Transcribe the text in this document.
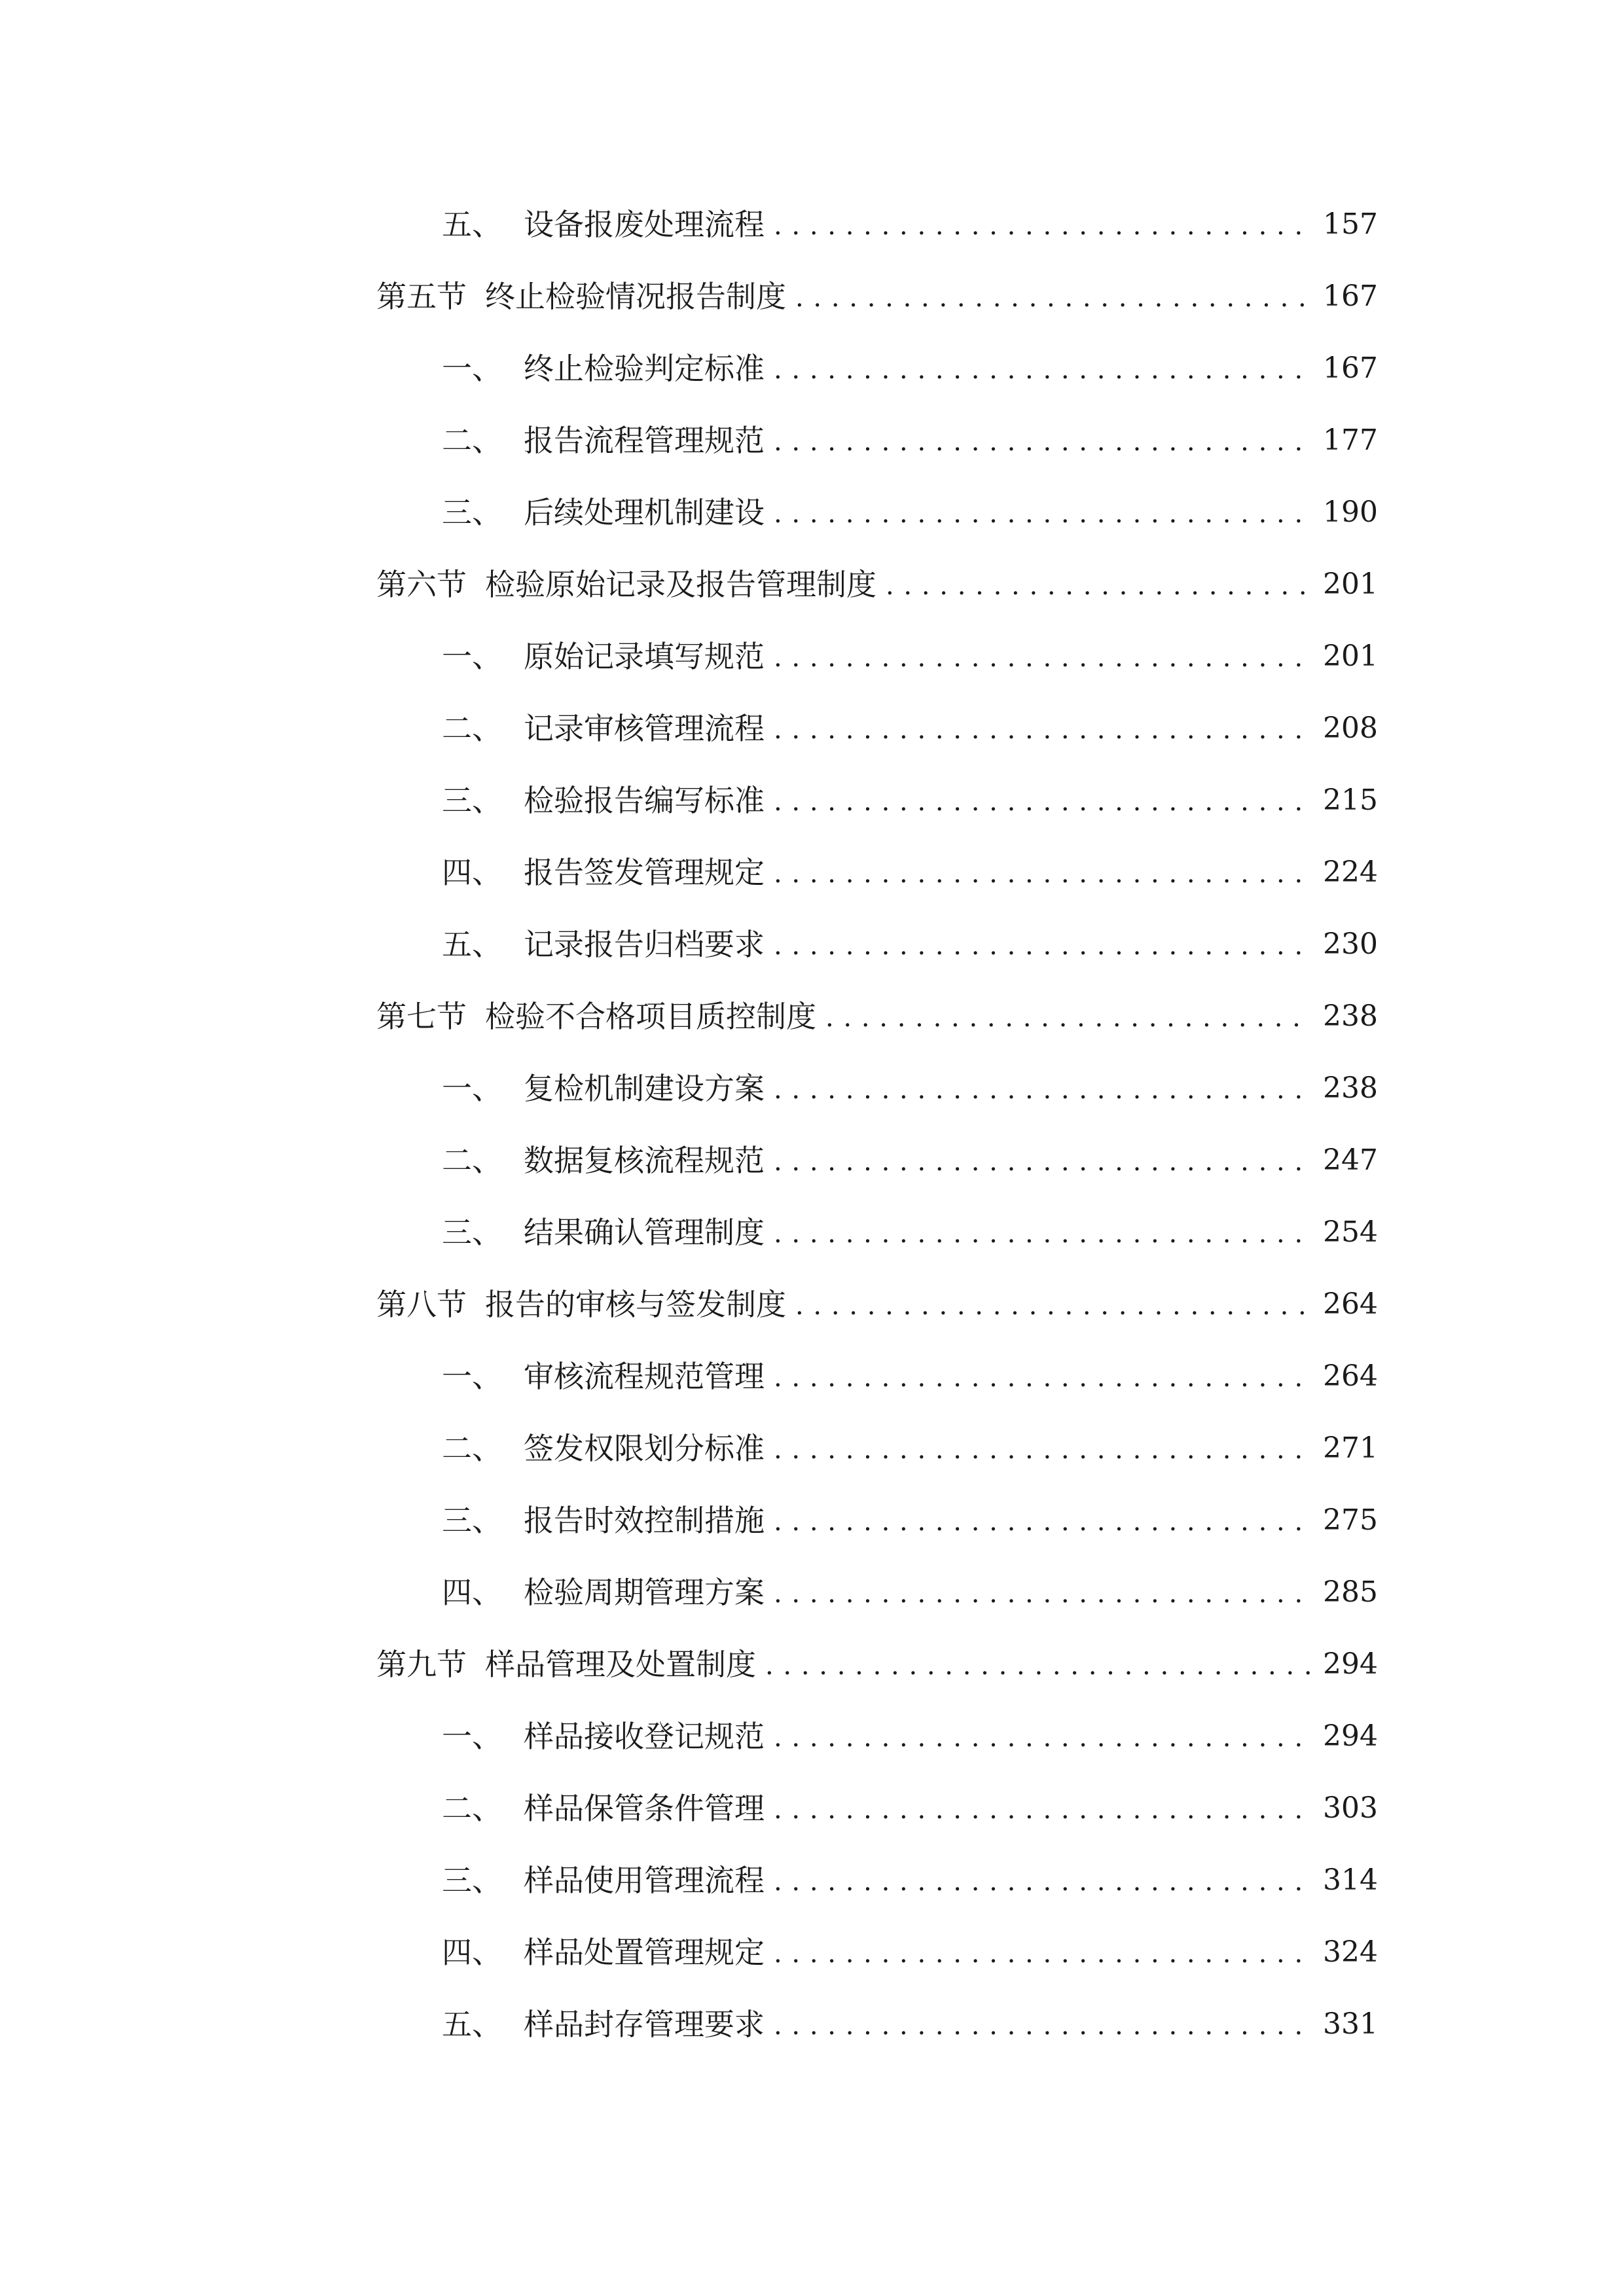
五、 设备报废处理流程 . . .	157
第五节 终止检验情况报告制度 . . .	167
一、 终止检验判定标准 . . .	167
二、 报告流程管理规范 . . .	177
三、 后续处理机制建设 . . .	190
第六节 检验原始记录及报告管理制度 . . .	201
一、 原始记录填写规范 . . .	201
二、 记录审核管理流程 . . .	208
三、 检验报告编写标准 . . .	215
四、 报告签发管理规定 . . .	224
五、 记录报告归档要求 . . .	230
第七节 检验不合格项目质控制度 . . .	238
一、 复检机制建设方案 . . .	238
二、 数据复核流程规范 . . .	247
三、 结果确认管理制度 . . .	254
第八节 报告的审核与签发制度 . . .	264
一、 审核流程规范管理 . . .	264
二、 签发权限划分标准 . . .	271
三、 报告时效控制措施 . . .	275
四、 检验周期管理方案 . . .	285
第九节 样品管理及处置制度 . . .	294
一、 样品接收登记规范 . . .	294
二、 样品保管条件管理 . . .	303
三、 样品使用管理流程 . . .	314
四、 样品处置管理规定 . . .	324
五、 样品封存管理要求 . . .	331
